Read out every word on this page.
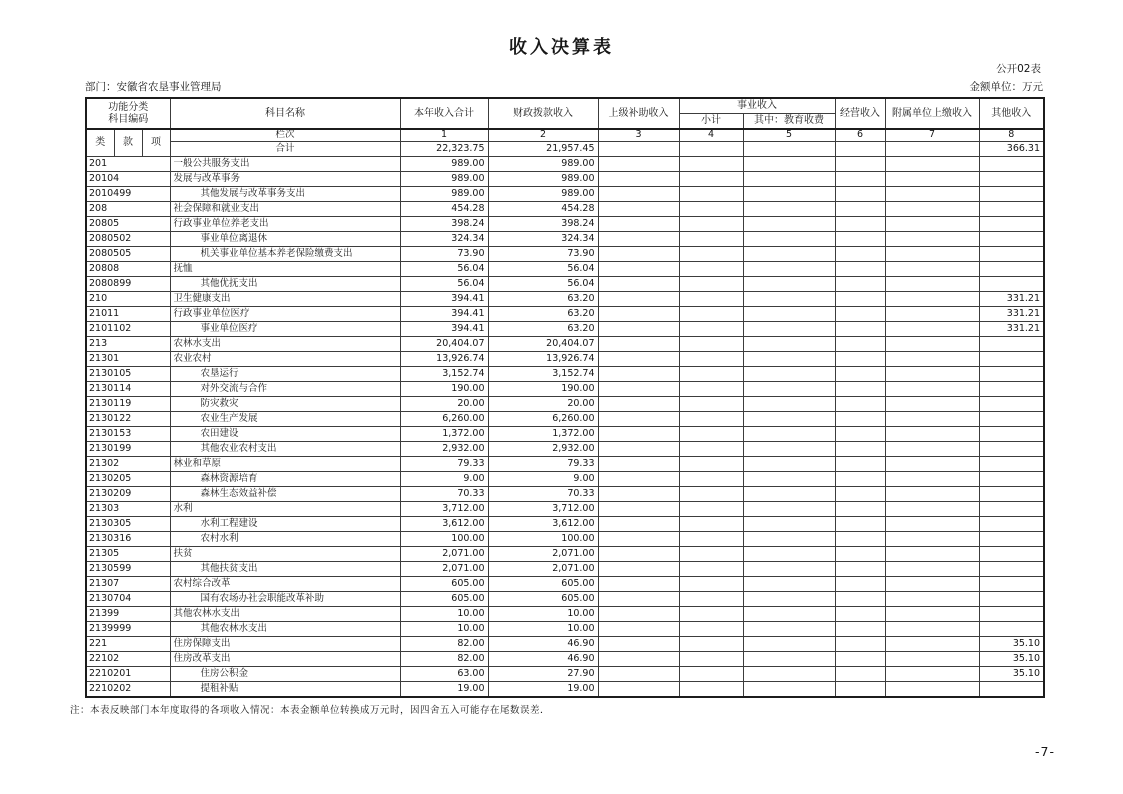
收入决算表
公开02表
部门：安徽省农垦事业管理局	金额单位：万元
功能分类
科目编码			科目名称	本年收入合计	财政拨款收入	上级补助收入	事业收入		经营收入	附属单位上缴收入	其他收入
							小计	其中：教育收费			
类	款	项	栏次	1	2	3	4	5	6	7	8
			合计	22,323.75	21,957.45						366.31
201			一般公共服务支出	989.00	989.00						
20104			发展与改革事务	989.00	989.00						
2010499			其他发展与改革事务支出	989.00	989.00						
208			社会保障和就业支出	454.28	454.28						
20805			行政事业单位养老支出	398.24	398.24						
2080502			事业单位离退休	324.34	324.34						
2080505			机关事业单位基本养老保险缴费支出	73.90	73.90						
20808			抚恤	56.04	56.04						
2080899			其他优抚支出	56.04	56.04						
210			卫生健康支出	394.41	63.20						331.21
21011			行政事业单位医疗	394.41	63.20						331.21
2101102			事业单位医疗	394.41	63.20						331.21
213			农林水支出	20,404.07	20,404.07						
21301			农业农村	13,926.74	13,926.74						
2130105			农垦运行	3,152.74	3,152.74						
2130114			对外交流与合作	190.00	190.00						
2130119			防灾救灾	20.00	20.00						
2130122			农业生产发展	6,260.00	6,260.00						
2130153			农田建设	1,372.00	1,372.00						
2130199			其他农业农村支出	2,932.00	2,932.00						
21302			林业和草原	79.33	79.33						
2130205			森林资源培育	9.00	9.00						
2130209			森林生态效益补偿	70.33	70.33						
21303			水利	3,712.00	3,712.00						
2130305			水利工程建设	3,612.00	3,612.00						
2130316			农村水利	100.00	100.00						
21305			扶贫	2,071.00	2,071.00						
2130599			其他扶贫支出	2,071.00	2,071.00						
21307			农村综合改革	605.00	605.00						
2130704			国有农场办社会职能改革补助	605.00	605.00						
21399			其他农林水支出	10.00	10.00						
2139999			其他农林水支出	10.00	10.00						
221			住房保障支出	82.00	46.90						35.10
22102			住房改革支出	82.00	46.90						35.10
2210201			住房公积金	63.00	27.90						35.10
2210202			提租补贴	19.00	19.00						
注：本表反映部门本年度取得的各项收入情况：本表金额单位转换成万元时，因四舍五入可能存在尾数误差．
-7-
